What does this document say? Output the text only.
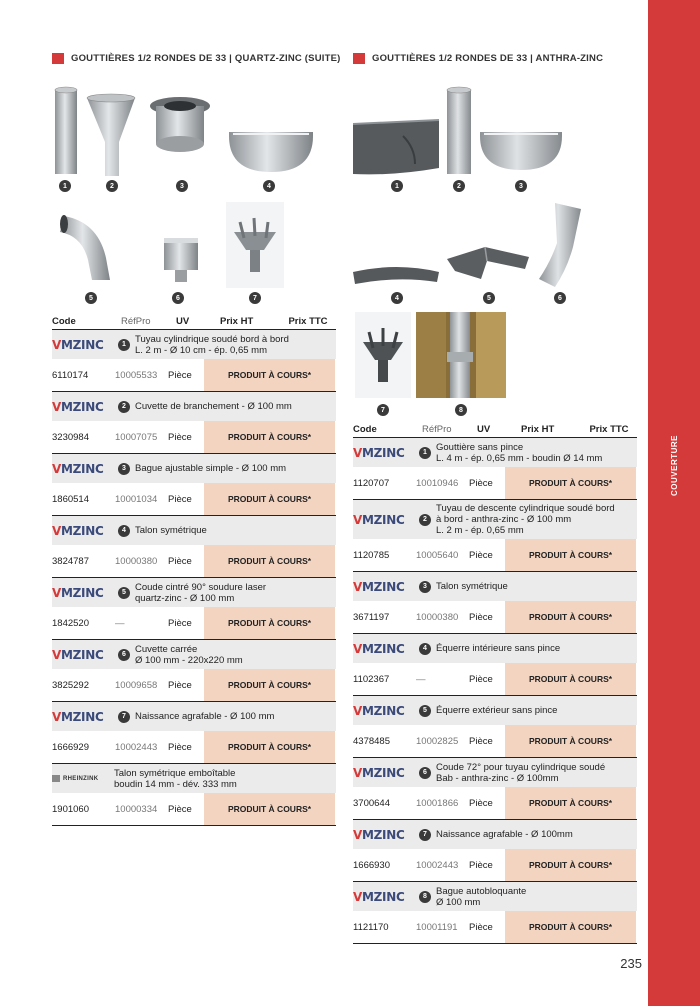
COUVERTURE
235
GOUTTIÈRES 1/2 RONDES DE 33 | QUARTZ-ZINC (SUITE)
1	2	3	4
5	6	7
Code	RéfPro	UV	Prix HT	Prix TTC
VMZINC	1 Tuyau cylindrique soudé bord à bord
L. 2 m - Ø 10 cm - ép. 0,65 mm
6110174	10005533	Pièce	PRODUIT À COURS*
VMZINC	2 Cuvette de branchement - Ø 100 mm
3230984	10007075	Pièce	PRODUIT À COURS*
VMZINC	3 Bague ajustable simple - Ø 100 mm
1860514	10001034	Pièce	PRODUIT À COURS*
VMZINC	4 Talon symétrique
3824787	10000380	Pièce	PRODUIT À COURS*
VMZINC	5 Coude cintré 90° soudure laser
quartz-zinc - Ø 100 mm
1842520	—	Pièce	PRODUIT À COURS*
VMZINC	6 Cuvette carrée
Ø 100 mm - 220x220 mm
3825292	10009658	Pièce	PRODUIT À COURS*
VMZINC	7 Naissance agrafable - Ø 100 mm
1666929	10002443	Pièce	PRODUIT À COURS*
RHEINZINK Talon symétrique emboîtable
boudin 14 mm - dév. 333 mm
1901060	10000334	Pièce	PRODUIT À COURS*
GOUTTIÈRES 1/2 RONDES DE 33 | ANTHRA-ZINC
1	2	3
4	5	6
7	8
Code	RéfPro	UV	Prix HT	Prix TTC
VMZINC	1 Gouttière sans pince
L. 4 m - ép. 0,65 mm - boudin Ø 14 mm
1120707	10010946	Pièce	PRODUIT À COURS*
VMZINC	2
Tuyau de descente cylindrique soudé bord
à bord - anthra-zinc - Ø 100 mm
L. 2 m - ép. 0,65 mm
1120785	10005640	Pièce	PRODUIT À COURS*
VMZINC	3 Talon symétrique
3671197	10000380	Pièce	PRODUIT À COURS*
VMZINC	4 Équerre intérieure sans pince
1102367	—	Pièce	PRODUIT À COURS*
VMZINC	5 Équerre extérieur sans pince
4378485	10002825	Pièce	PRODUIT À COURS*
VMZINC	6 Coude 72° pour tuyau cylindrique soudé
Bab - anthra-zinc - Ø 100mm
3700644	10001866	Pièce	PRODUIT À COURS*
VMZINC	7 Naissance agrafable - Ø 100mm
1666930	10002443	Pièce	PRODUIT À COURS*
VMZINC	8 Bague autobloquante
Ø 100 mm
1121170	10001191	Pièce	PRODUIT À COURS*
